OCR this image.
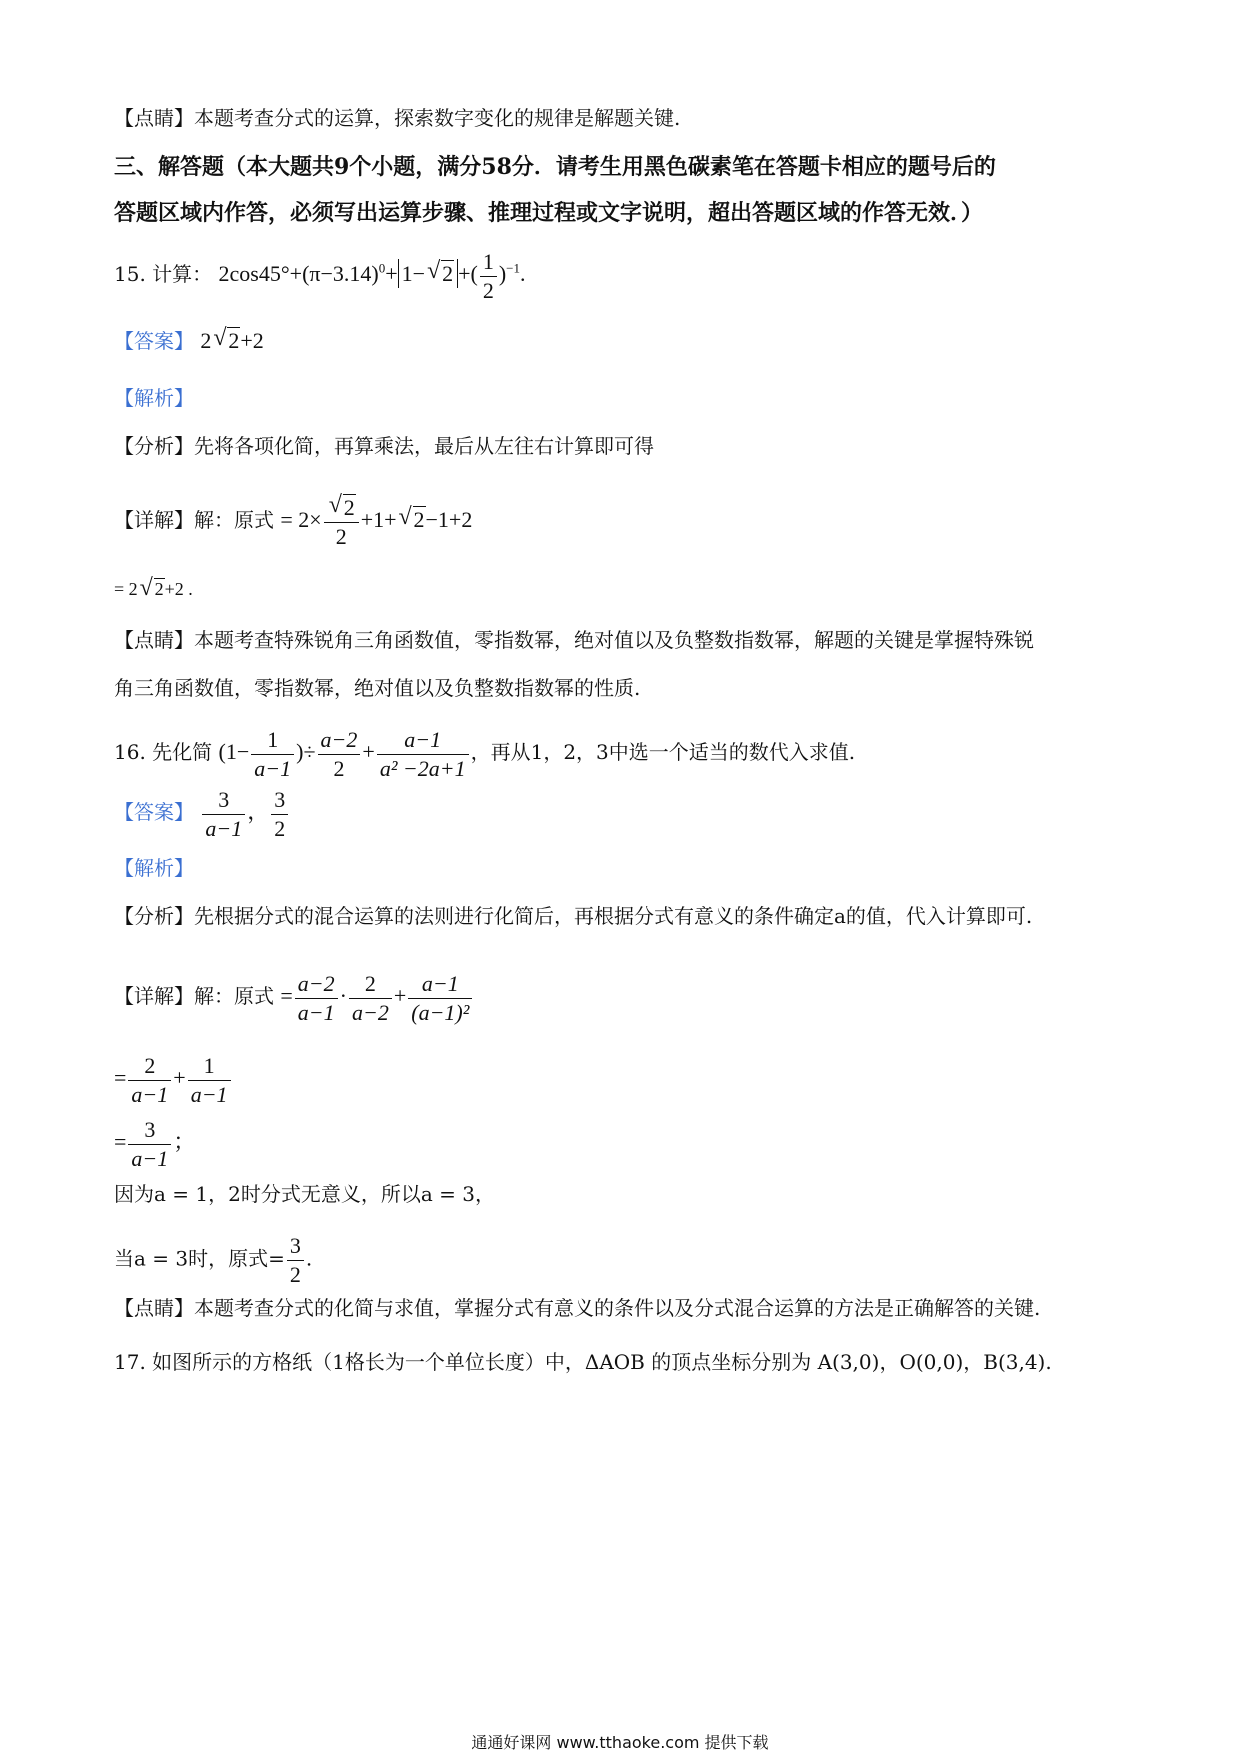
【点睛】本题考查分式的运算，探索数字变化的规律是解题关键.
三、解答题（本大题共9个小题，满分58分．请考生用黑色碳素笔在答题卡相应的题号后的
答题区域内作答，必须写出运算步骤、推理过程或文字说明，超出答题区域的作答无效．）
15. 计算： $2\cos 45^\circ+(\pi-3.14)^0+ 1-√$ 2 +( $\frac{1}{2} )^{-1}$.
【答案】 2√ 2+2
【解析】
【分析】先将各项化简，再算乘法，最后从左往右计算即可得
【详解】解：原式 = 2×
√ $\frac{2}{2} +1+√$ 2−1+2
= 2√ 2+2 .
【点睛】本题考查特殊锐角三角函数值，零指数幂，绝对值以及负整数指数幂，解题的关键是掌握特殊锐
角三角函数值，零指数幂，绝对值以及负整数指数幂的性质.
16. 先化简 ($1- \frac{1}{a-1}$ )÷ $\frac{a-2}{2} + \frac{a-1}{\text{a² −2a+1}}$ ，再从1，2，3中选一个适当的数代入求值.
【答案】 $\frac{3}{a-1}$ ， $\frac{3}{2}$
【解析】
【分析】先根据分式的混合运算的法则进行化简后，再根据分式有意义的条件确定a的值，代入计算即可.
【详解】解：原式 = $\frac{a-2}{a-1} \cdot \frac{2}{a-2} + \frac{a-1}{\text{(a−1)²}}$
= $\frac{2}{a-1} + \frac{1}{a-1}$
= $\frac{3}{a-1}$ ；
因为a = 1，2时分式无意义，所以a = 3，
当a = 3时，原式= $\frac{3}{2}$ .
【点睛】本题考查分式的化简与求值，掌握分式有意义的条件以及分式混合运算的方法是正确解答的关键.
17. 如图所示的方格纸（1格长为一个单位长度）中，ΔAOB 的顶点坐标分别为 A(3,0)，O(0,0)，B(3,4).
通通好课网 www.tthaoke.com 提供下载
